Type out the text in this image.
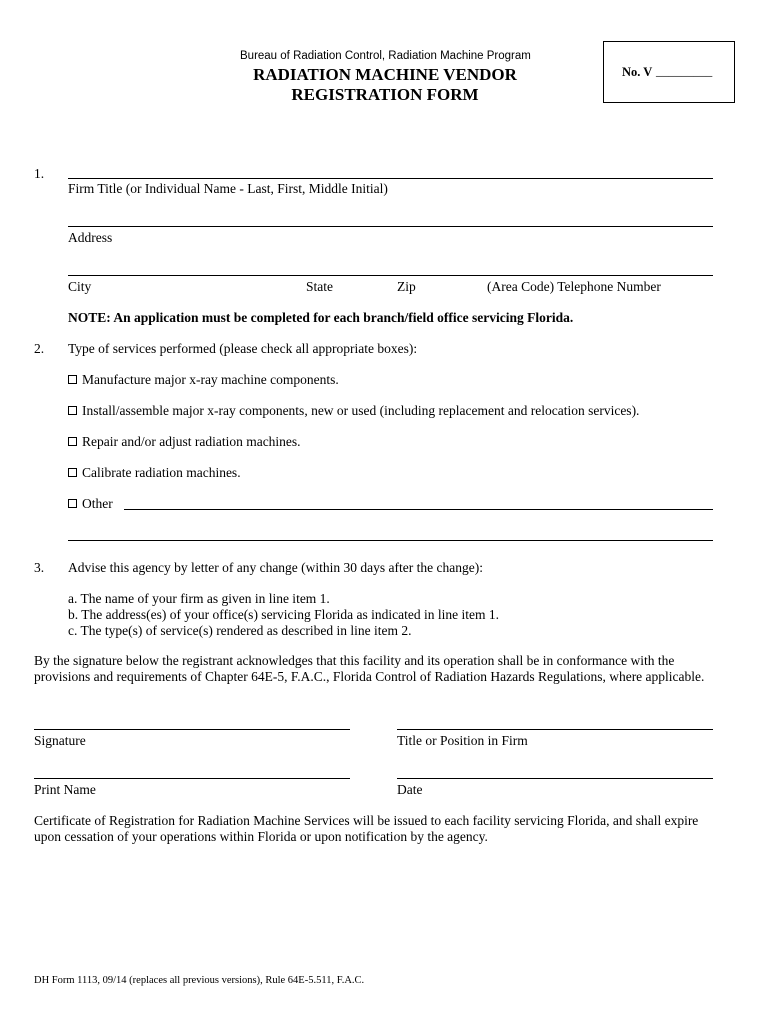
Bureau of Radiation Control, Radiation Machine Program
RADIATION MACHINE VENDOR
REGISTRATION FORM
No. V _________
1.
Firm Title (or Individual Name - Last, First, Middle Initial)
Address
City	State	Zip	(Area Code) Telephone Number
NOTE: An application must be completed for each branch/field office servicing Florida.
2. Type of services performed (please check all appropriate boxes):
Manufacture major x-ray machine components.
Install/assemble major x-ray components, new or used (including replacement and relocation services).
Repair and/or adjust radiation machines.
Calibrate radiation machines.
Other
3. Advise this agency by letter of any change (within 30 days after the change):
a. The name of your firm as given in line item 1.
b. The address(es) of your office(s) servicing Florida as indicated in line item 1.
c. The type(s) of service(s) rendered as described in line item 2.
By the signature below the registrant acknowledges that this facility and its operation shall be in conformance with the
provisions and requirements of Chapter 64E-5, F.A.C., Florida Control of Radiation Hazards Regulations, where applicable.
Signature	Title or Position in Firm
Print Name	Date
Certificate of Registration for Radiation Machine Services will be issued to each facility servicing Florida, and shall expire
upon cessation of your operations within Florida or upon notification by the agency.
DH Form 1113, 09/14 (replaces all previous versions), Rule 64E-5.511, F.A.C.
